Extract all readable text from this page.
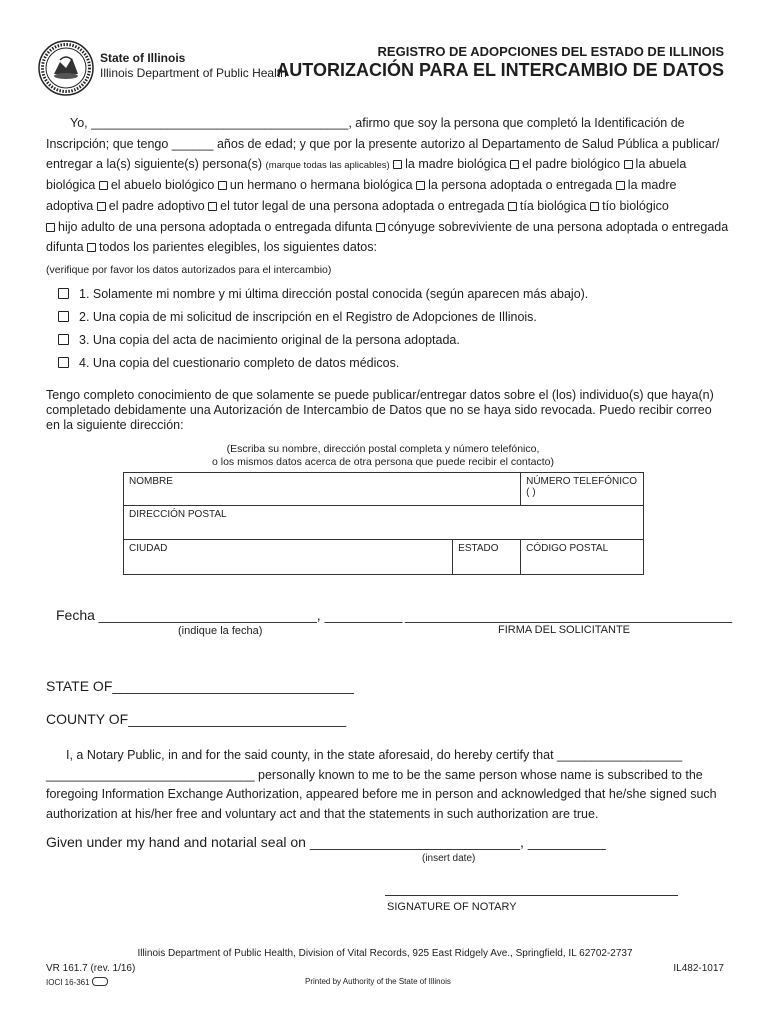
State of Illinois
Illinois Department of Public Health
REGISTRO DE ADOPCIONES DEL ESTADO DE ILLINOIS
AUTORIZACIÓN PARA EL INTERCAMBIO DE DATOS
Yo, _____________________________________, afirmo que soy la persona que completó la Identificación de
Inscripción; que tengo ______ años de edad; y que por la presente autorizo al Departamento de Salud Pública a publicar/
entregar a la(s) siguiente(s) persona(s) (marque todas las aplicables) la madre biológica el padre biológico la abuela
biológica el abuelo biológico un hermano o hermana biológica la persona adoptada o entregada la madre
adoptiva el padre adoptivo el tutor legal de una persona adoptada o entregada tía biológica tío biológico
hijo adulto de una persona adoptada o entregada difunta cónyuge sobreviviente de una persona adoptada o entregada
difunta todos los parientes elegibles, los siguientes datos:
(verifique por favor los datos autorizados para el intercambio)
1. Solamente mi nombre y mi última dirección postal conocida (según aparecen más abajo).
2. Una copia de mi solicitud de inscripción en el Registro de Adopciones de Illinois.
3. Una copia del acta de nacimiento original de la persona adoptada.
4. Una copia del cuestionario completo de datos médicos.
Tengo completo conocimiento de que solamente se puede publicar/entregar datos sobre el (los) individuo(s) que haya(n) completado debidamente una Autorización de Intercambio de Datos que no se haya sido revocada. Puedo recibir correo en la siguiente dirección:
(Escriba su nombre, dirección postal completa y número telefónico,
o los mismos datos acerca de otra persona que puede recibir el contacto)
NOMBRE		NÚMERO TELEFÓNICO
( )

DIRECCIÓN POSTAL		
CIUDAD	ESTADO	CÓDIGO POSTAL
Fecha ____________________________, __________
(indique la fecha)
__________________________________________
FIRMA DEL SOLICITANTE
STATE OF_______________________________
COUNTY OF____________________________
I, a Notary Public, in and for the said county, in the state aforesaid, do hereby certify that __________________
______________________________ personally known to me to be the same person whose name is subscribed to the
foregoing Information Exchange Authorization, appeared before me in person and acknowledged that he/she signed such
authorization at his/her free and voluntary act and that the statements in such authorization are true.
Given under my hand and notarial seal on ___________________________, __________
(insert date)
SIGNATURE OF NOTARY
Illinois Department of Public Health, Division of Vital Records, 925 East Ridgely Ave., Springfield, IL 62702-2737
VR 161.7 (rev. 1/16)	IL482-1017
IOCI 16-361	Printed by Authority of the State of Illinois
